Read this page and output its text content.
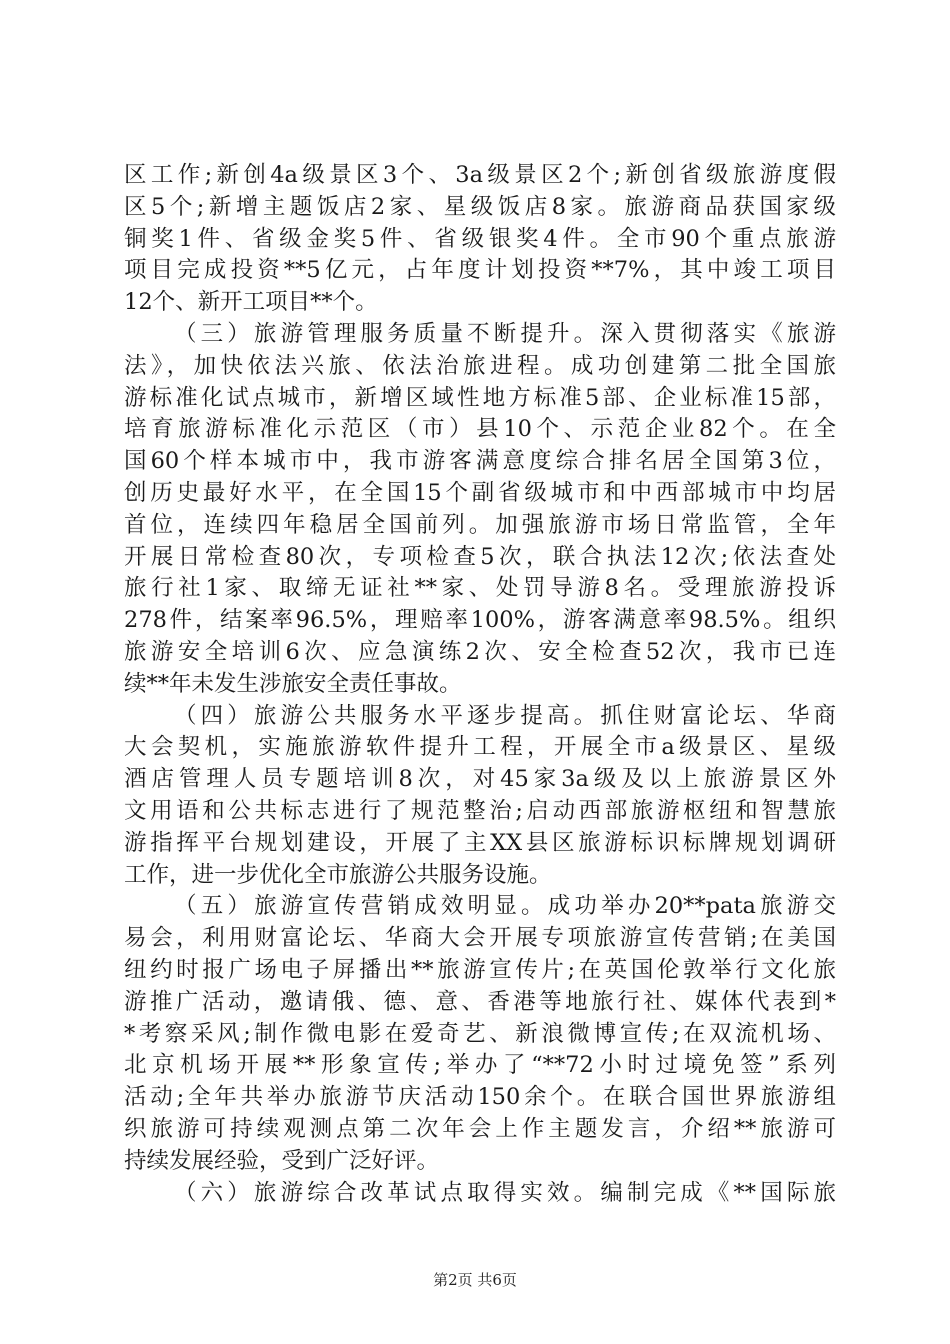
区工作;新创4a级景区3个、3a级景区2个;新创省级旅游度假
区5个;新增主题饭店2家、星级饭店8家。旅游商品获国家级
铜奖1件、省级金奖5件、省级银奖4件。全市90个重点旅游
项目完成投资**5亿元，占年度计划投资**7%，其中竣工项目
12个、新开工项目**个。
（三）旅游管理服务质量不断提升。深入贯彻落实《旅游
法》，加快依法兴旅、依法治旅进程。成功创建第二批全国旅
游标准化试点城市，新增区域性地方标准5部、企业标准15部，
培育旅游标准化示范区（市）县10个、示范企业82个。在全
国60个样本城市中，我市游客满意度综合排名居全国第3位，
创历史最好水平，在全国15个副省级城市和中西部城市中均居
首位，连续四年稳居全国前列。加强旅游市场日常监管，全年
开展日常检查80次，专项检查5次，联合执法12次;依法查处
旅行社1家、取缔无证社**家、处罚导游8名。受理旅游投诉
278件，结案率96.5%，理赔率100%，游客满意率98.5%。组织
旅游安全培训6次、应急演练2次、安全检查52次，我市已连
续**年未发生涉旅安全责任事故。
（四）旅游公共服务水平逐步提高。抓住财富论坛、华商
大会契机，实施旅游软件提升工程，开展全市a级景区、星级
酒店管理人员专题培训8次，对45家3a级及以上旅游景区外
文用语和公共标志进行了规范整治;启动西部旅游枢纽和智慧旅
游指挥平台规划建设，开展了主XX县区旅游标识标牌规划调研
工作，进一步优化全市旅游公共服务设施。
（五）旅游宣传营销成效明显。成功举办20**pata旅游交
易会，利用财富论坛、华商大会开展专项旅游宣传营销;在美国
纽约时报广场电子屏播出**旅游宣传片;在英国伦敦举行文化旅
游推广活动，邀请俄、德、意、香港等地旅行社、媒体代表到*
*考察采风;制作微电影在爱奇艺、新浪微博宣传;在双流机场、
北京机场开展**形象宣传;举办了“**72小时过境免签”系列
活动;全年共举办旅游节庆活动150余个。在联合国世界旅游组
织旅游可持续观测点第二次年会上作主题发言，介绍**旅游可
持续发展经验，受到广泛好评。
（六）旅游综合改革试点取得实效。编制完成《**国际旅
第2页 共6页
